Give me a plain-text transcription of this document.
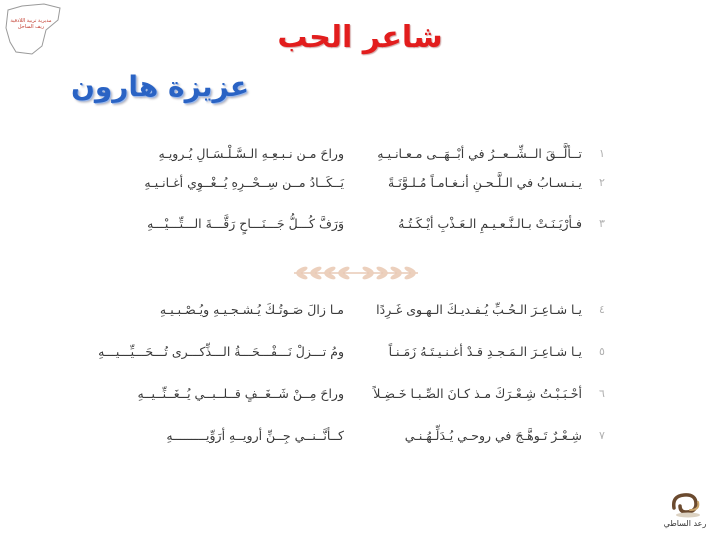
مديرية تربية اللاذقية ريف الساحل	شاعر الحب
عزيزة هارون
١
تــألَّــقَ الــشِّــعــرُ في أبْــهَــى مـعـانـيـهِ
وراحَ مـن نـبـعِـهِ الـسَّـلْـسَـالِ يُـرويـهِ
٢
يـنـسـابُ في الـلَّـحـنِ أنـغـامـاً مُـلـوَّنَـةً
يَــكَــادُ مــن سِــحْــرِهِ يُــغْــوِي أغـانـيـهِ
٣
فـأرْيَـنَـتْ بـالـنَّـعـيـمِ الـعَـذْبِ أيْـكَـتُـهُ
وَرَفَّ كُـــلُّ جَـــنَـــاحٍ رَقَّـــةَ الـــتِّـــيْـــهِ
٤
يـا شـاعِـرَ الـحُـبِّ يُـفـديـكَ الـهـوى غَـرِدًا
مـا زالَ صَـوتُـكَ يُـشـجـيـهِ ويُـصْـبـيـهِ
٥
يـا شـاعِـرَ الـمَـجـدِ قـدْ أغـنـيـتَـهُ زَمَـنـاً
ومُ تـــزلْ نَـــفْـــحَـــةُ الـــذِّكـــرى تُـــحَـــيِّـــيـــهِ
٦
أحْـبَـبْـتُ شِـعْـرَكَ مـذ كـانَ الصِّـبـا خَـضِـلاً
وراحَ مِــنْ شَــغَــفٍ قــلــبــي يُــغَــنِّــيــهِ
٧
شِـعْـرٌ تَـوهَّـجَ في روحـي يُـدَلِّـهُـنـي
كــأنَّــنــي جِــنِّ أرويــهِ أرَوِّيـــــــــهِ
رعد الساطي
